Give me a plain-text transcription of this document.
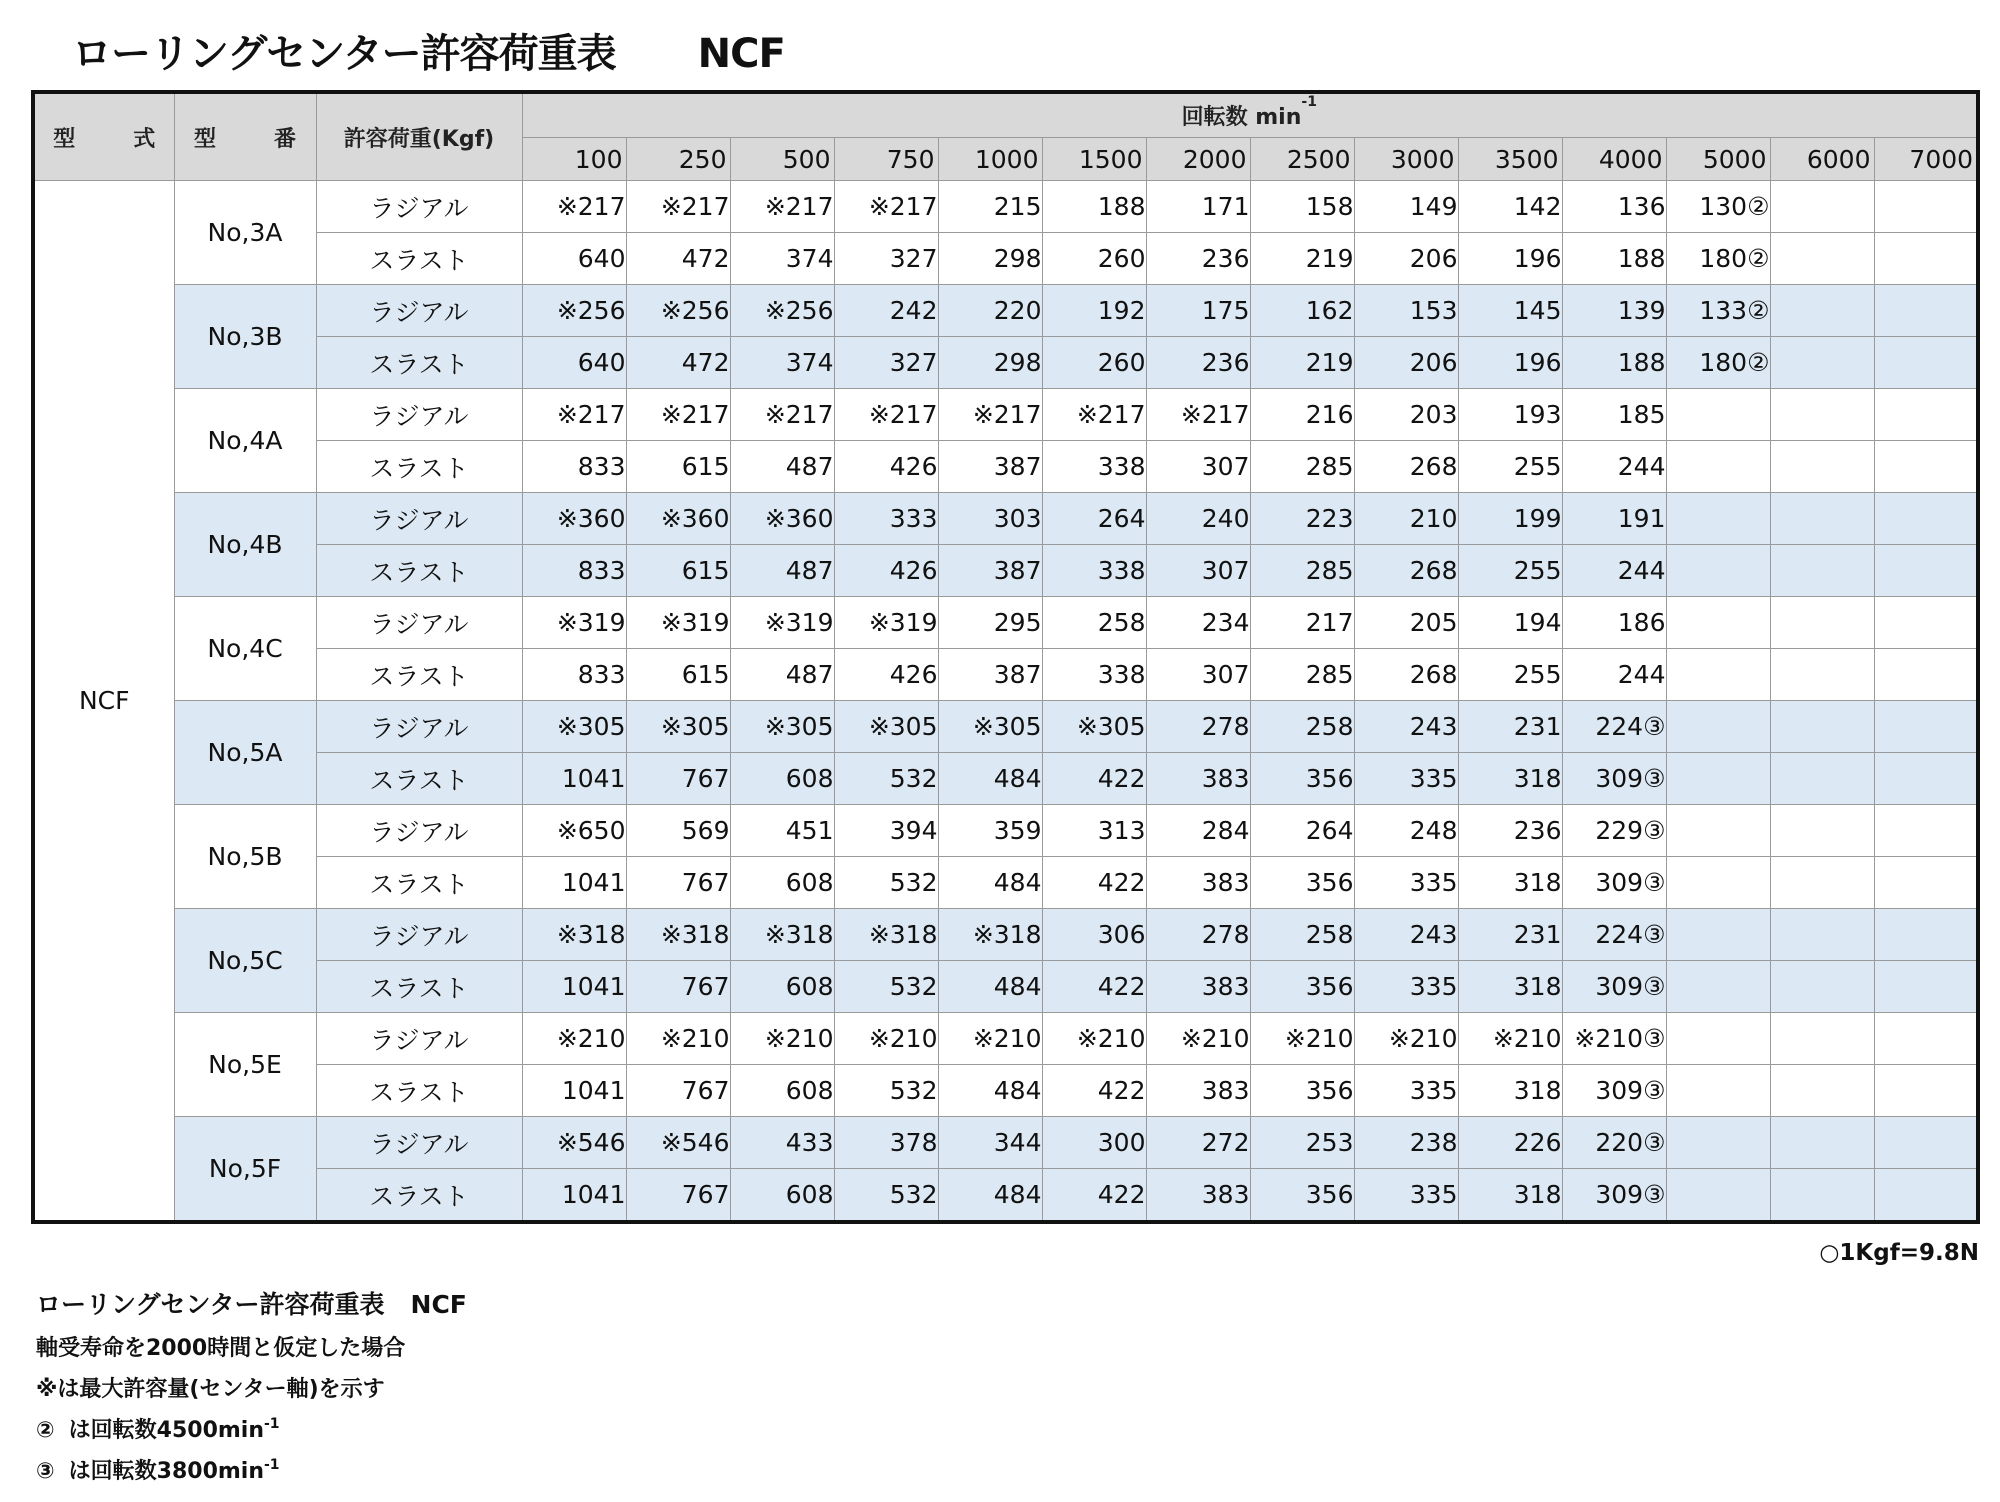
ローリングセンター許容荷重表 NCF
型　式	型　番	許容荷重(Kgf)	回転数 $\min^{-1}$
			100	250	500	750	1000	1500	2000	2500	3000	3500	4000	5000	6000	7000
NCF	No,3A	ラジアル	※217	※217	※217	※217	215	188	171	158	149	142	136	130②		
		スラスト	640	472	374	327	298	260	236	219	206	196	188	180②		
	No,3B	ラジアル	※256	※256	※256	242	220	192	175	162	153	145	139	133②		
		スラスト	640	472	374	327	298	260	236	219	206	196	188	180②		
	No,4A	ラジアル	※217	※217	※217	※217	※217	※217	※217	216	203	193	185			
		スラスト	833	615	487	426	387	338	307	285	268	255	244			
	No,4B	ラジアル	※360	※360	※360	333	303	264	240	223	210	199	191			
		スラスト	833	615	487	426	387	338	307	285	268	255	244			
	No,4C	ラジアル	※319	※319	※319	※319	295	258	234	217	205	194	186			
		スラスト	833	615	487	426	387	338	307	285	268	255	244			
	No,5A	ラジアル	※305	※305	※305	※305	※305	※305	278	258	243	231	224③			
		スラスト	1041	767	608	532	484	422	383	356	335	318	309③			
	No,5B	ラジアル	※650	569	451	394	359	313	284	264	248	236	229③			
		スラスト	1041	767	608	532	484	422	383	356	335	318	309③			
	No,5C	ラジアル	※318	※318	※318	※318	※318	306	278	258	243	231	224③			
		スラスト	1041	767	608	532	484	422	383	356	335	318	309③			
	No,5E	ラジアル	※210	※210	※210	※210	※210	※210	※210	※210	※210	※210	※210③			
		スラスト	1041	767	608	532	484	422	383	356	335	318	309③			
	No,5F	ラジアル	※546	※546	433	378	344	300	272	253	238	226	220③			
		スラスト	1041	767	608	532	484	422	383	356	335	318	309③			

○1Kgf=9.8N

ローリングセンター許容荷重表 NCF

軸受寿命を2000時間と仮定した場合

※は最大許容量(センター軸)を示す

② は回転数$4500\min^{-1}$

③ は回転数$3800\min^{-1}$
